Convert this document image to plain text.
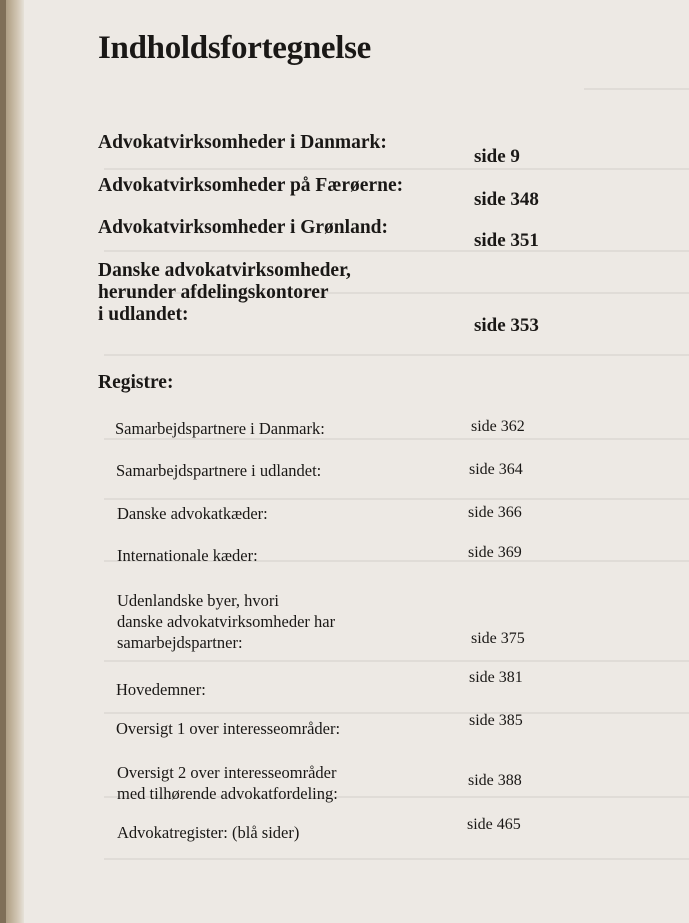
Indholdsfortegnelse
Advokatvirksomheder i Danmark:
side 9
Advokatvirksomheder på Færøerne:
side 348
Advokatvirksomheder i Grønland:
side 351
Danske advokatvirksomheder,
herunder afdelingskontorer
i udlandet:
side 353
Registre:
Samarbejdspartnere i Danmark:	side 362
Samarbejdspartnere i udlandet:	side 364
Danske advokatkæder:	side 366
Internationale kæder:	side 369
Udenlandske byer, hvori
danske advokatvirksomheder har
samarbejdspartner:	side 375
Hovedemner:
side 381
Oversigt 1 over interesseområder:	side 385
Oversigt 2 over interesseområder
med tilhørende advokatfordeling:
side 388
Advokatregister: (blå sider)	side 465
